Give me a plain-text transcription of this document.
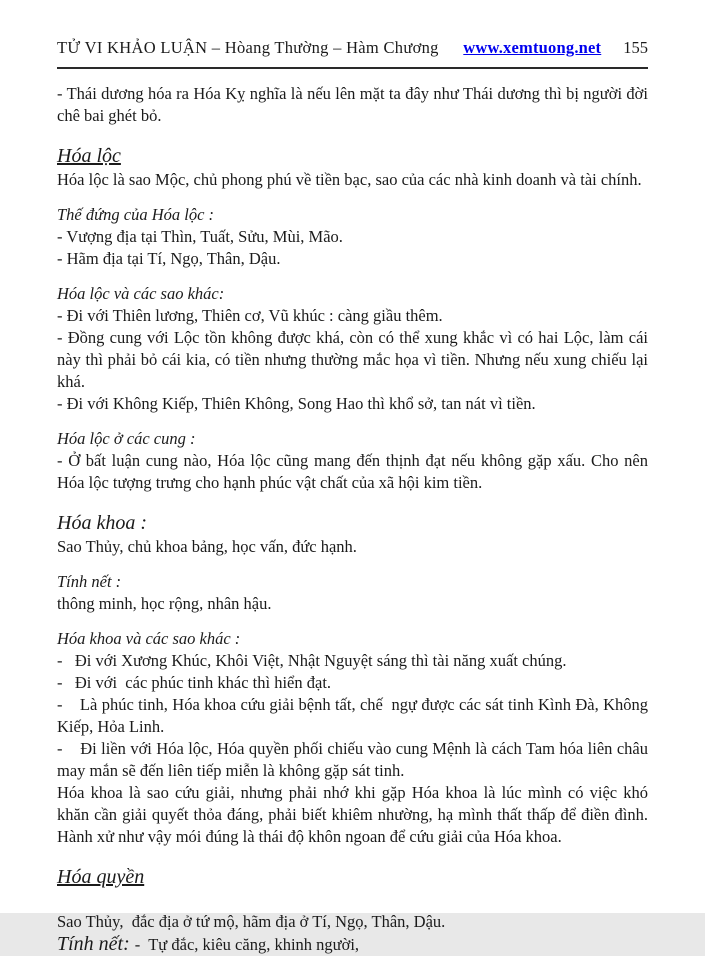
TỬ VI KHẢO LUẬN – Hòang Thường – Hàm Chương www.xemtuong.net 155
- Thái dương hóa ra Hóa Kỵ nghĩa là nếu lên mặt ta đây như Thái dương thì bị người đời chê bai ghét bỏ.
Hóa lộc
Hóa lộc là sao Mộc, chủ phong phú về tiền bạc, sao của các nhà kinh doanh và tài chính.
Thế đứng của Hóa lộc :
- Vượng địa tại Thìn, Tuất, Sửu, Mùi, Mão.
- Hãm địa tại Tí, Ngọ, Thân, Dậu.
Hóa lộc và các sao khác:
- Đi với Thiên lương, Thiên cơ, Vũ khúc : càng giầu thêm.
- Đồng cung với Lộc tồn không được khá, còn có thể xung khắc vì có hai Lộc, làm cái này thì phải bỏ cái kia, có tiền nhưng thường mắc họa vì tiền. Nhưng nếu xung chiếu lại khá.
- Đi với Không Kiếp, Thiên Không, Song Hao thì khổ sở, tan nát vì tiền.
Hóa lộc ở các cung :
- Ở bất luận cung nào, Hóa lộc cũng mang đến thịnh đạt nếu không gặp xấu. Cho nên Hóa lộc tượng trưng cho hạnh phúc vật chất của xã hội kim tiền.
Hóa khoa :
Sao Thủy, chủ khoa bảng, học vấn, đức hạnh.
Tính nết :
thông minh, học rộng, nhân hậu.
Hóa khoa và các sao khác :
-   Đi với Xương Khúc, Khôi Việt, Nhật Nguyệt sáng thì tài năng xuất chúng.
-   Đi với  các phúc tinh khác thì hiển đạt.
-    Là phúc tinh, Hóa khoa cứu giải bệnh tất, chế  ngự được các sát tinh Kình Đà, Không Kiếp, Hỏa Linh.
-    Đi liền với Hóa lộc, Hóa quyền phối chiếu vào cung Mệnh là cách Tam hóa liên châu may mắn sẽ đến liên tiếp miễn là không gặp sát tinh.
Hóa khoa là sao cứu giải, nhưng phải nhớ khi gặp Hóa khoa là lúc mình có việc khó khăn cần giải quyết thỏa đáng, phải biết khiêm nhường, hạ mình thất thấp để điền đình. Hành xử như vậy mói đúng là thái độ khôn ngoan để cứu giải của Hóa khoa.
Hóa quyền
Sao Thủy,  đắc địa ở tứ mộ, hãm địa ở Tí, Ngọ, Thân, Dậu.
Tính nết: -  Tự đắc, kiêu căng, khinh người,
